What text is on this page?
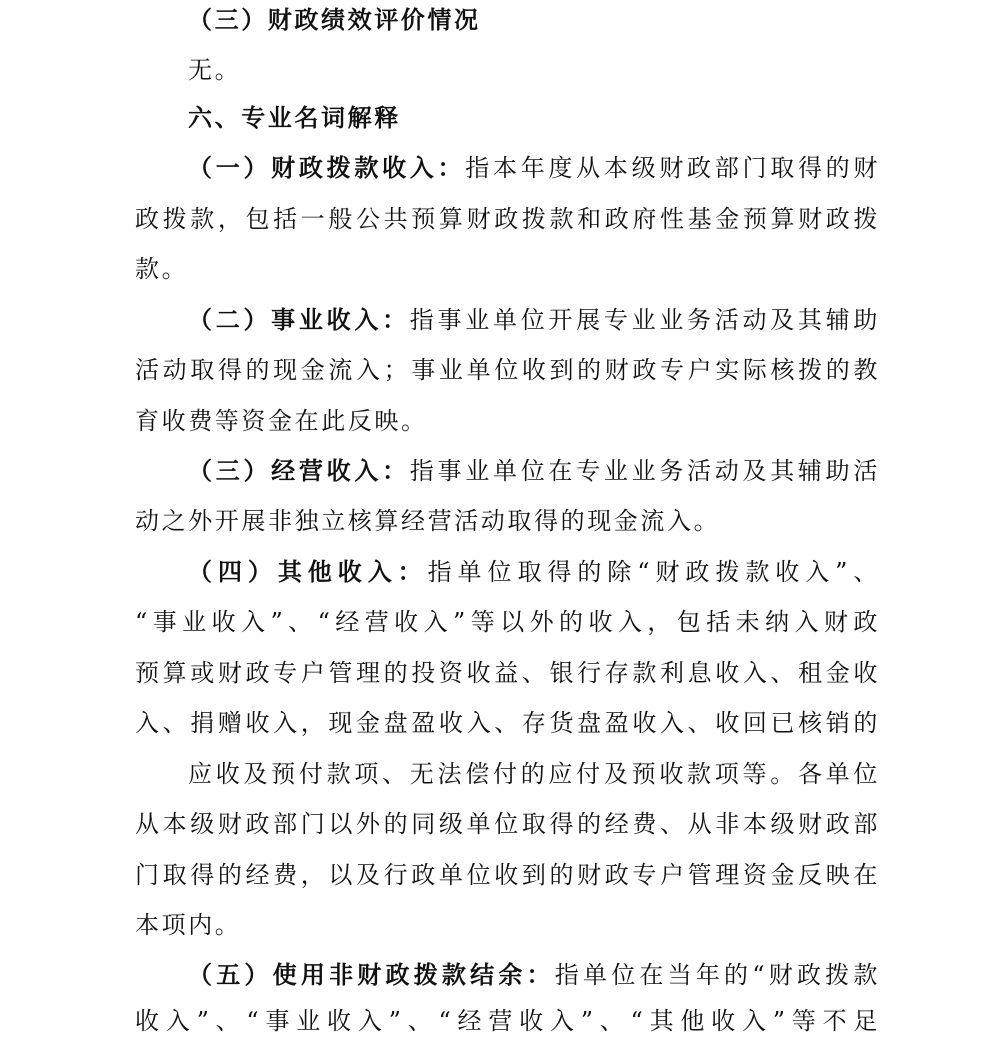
（三）财政绩效评价情况
无。
六、专业名词解释
（一）财政拨款收入：指本年度从本级财政部门取得的财
政拨款，包括一般公共预算财政拨款和政府性基金预算财政拨
款。
（二）事业收入：指事业单位开展专业业务活动及其辅助
活动取得的现金流入；事业单位收到的财政专户实际核拨的教
育收费等资金在此反映。
（三）经营收入：指事业单位在专业业务活动及其辅助活
动之外开展非独立核算经营活动取得的现金流入。
（四）其他收入：指单位取得的除“财政拨款收入”、
“事业收入”、“经营收入”等以外的收入，包括未纳入财政
预算或财政专户管理的投资收益、银行存款利息收入、租金收
入、捐赠收入，现金盘盈收入、存货盘盈收入、收回已核销的
应收及预付款项、无法偿付的应付及预收款项等。各单位
从本级财政部门以外的同级单位取得的经费、从非本级财政部
门取得的经费，以及行政单位收到的财政专户管理资金反映在
本项内。
（五）使用非财政拨款结余：指单位在当年的“财政拨款
收入”、“事业收入”、“经营收入”、“其他收入”等不足
